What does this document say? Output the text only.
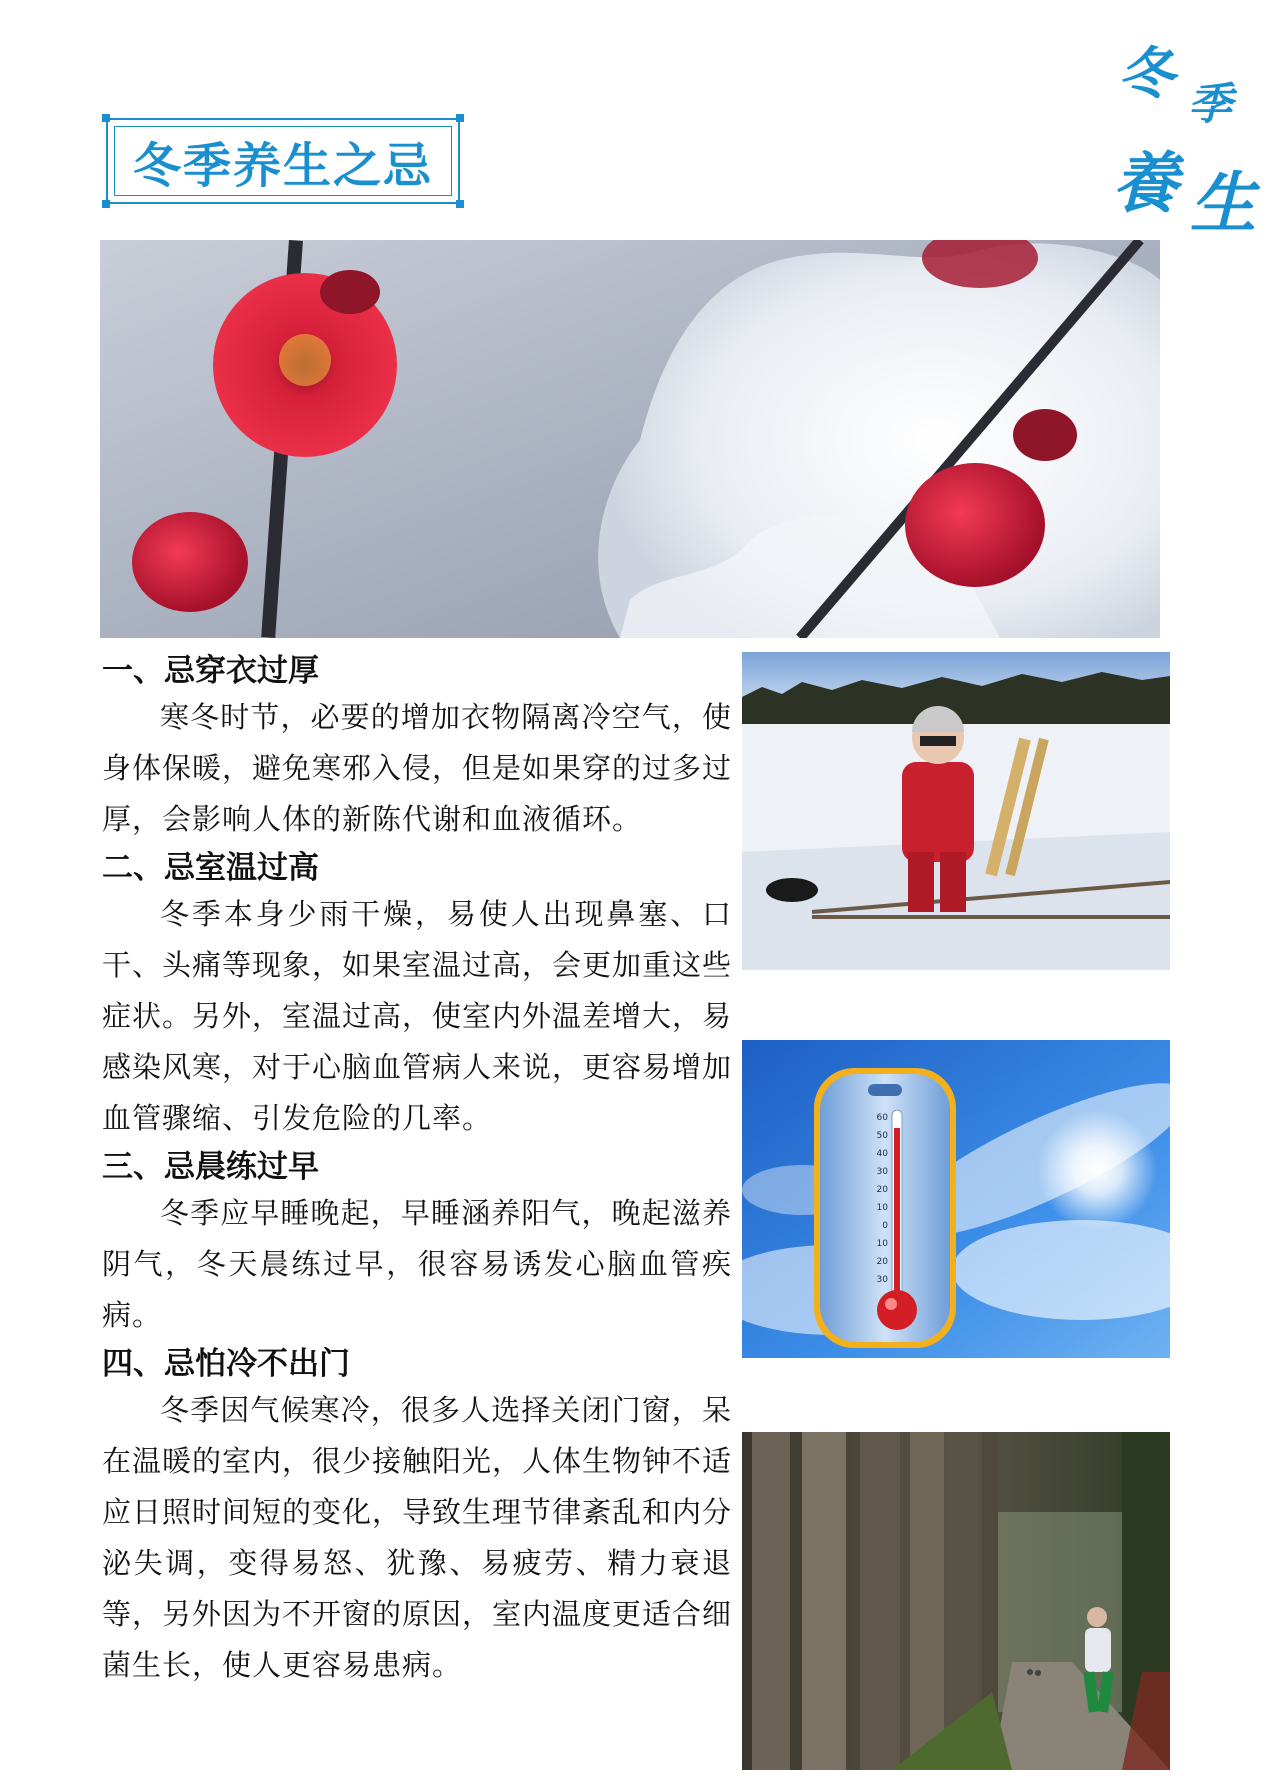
冬季养生之忌
冬 季
養 生
60
50
40
30
20
10
0
10
20
30
一、忌穿衣过厚

寒冬时节，必要的增加衣物隔离冷空气，使身体保暖，避免寒邪入侵，但是如果穿的过多过厚，会影响人体的新陈代谢和血液循环。

二、忌室温过高

冬季本身少雨干燥，易使人出现鼻塞、口干、头痛等现象，如果室温过高，会更加重这些症状。另外，室温过高，使室内外温差增大，易感染风寒，对于心脑血管病人来说，更容易增加血管骤缩、引发危险的几率。

三、忌晨练过早

冬季应早睡晚起，早睡涵养阳气，晚起滋养阴气，冬天晨练过早，很容易诱发心脑血管疾病。

四、忌怕冷不出门

冬季因气候寒冷，很多人选择关闭门窗，呆在温暖的室内，很少接触阳光，人体生物钟不适应日照时间短的变化，导致生理节律紊乱和内分泌失调，变得易怒、犹豫、易疲劳、精力衰退等，另外因为不开窗的原因，室内温度更适合细菌生长，使人更容易患病。
